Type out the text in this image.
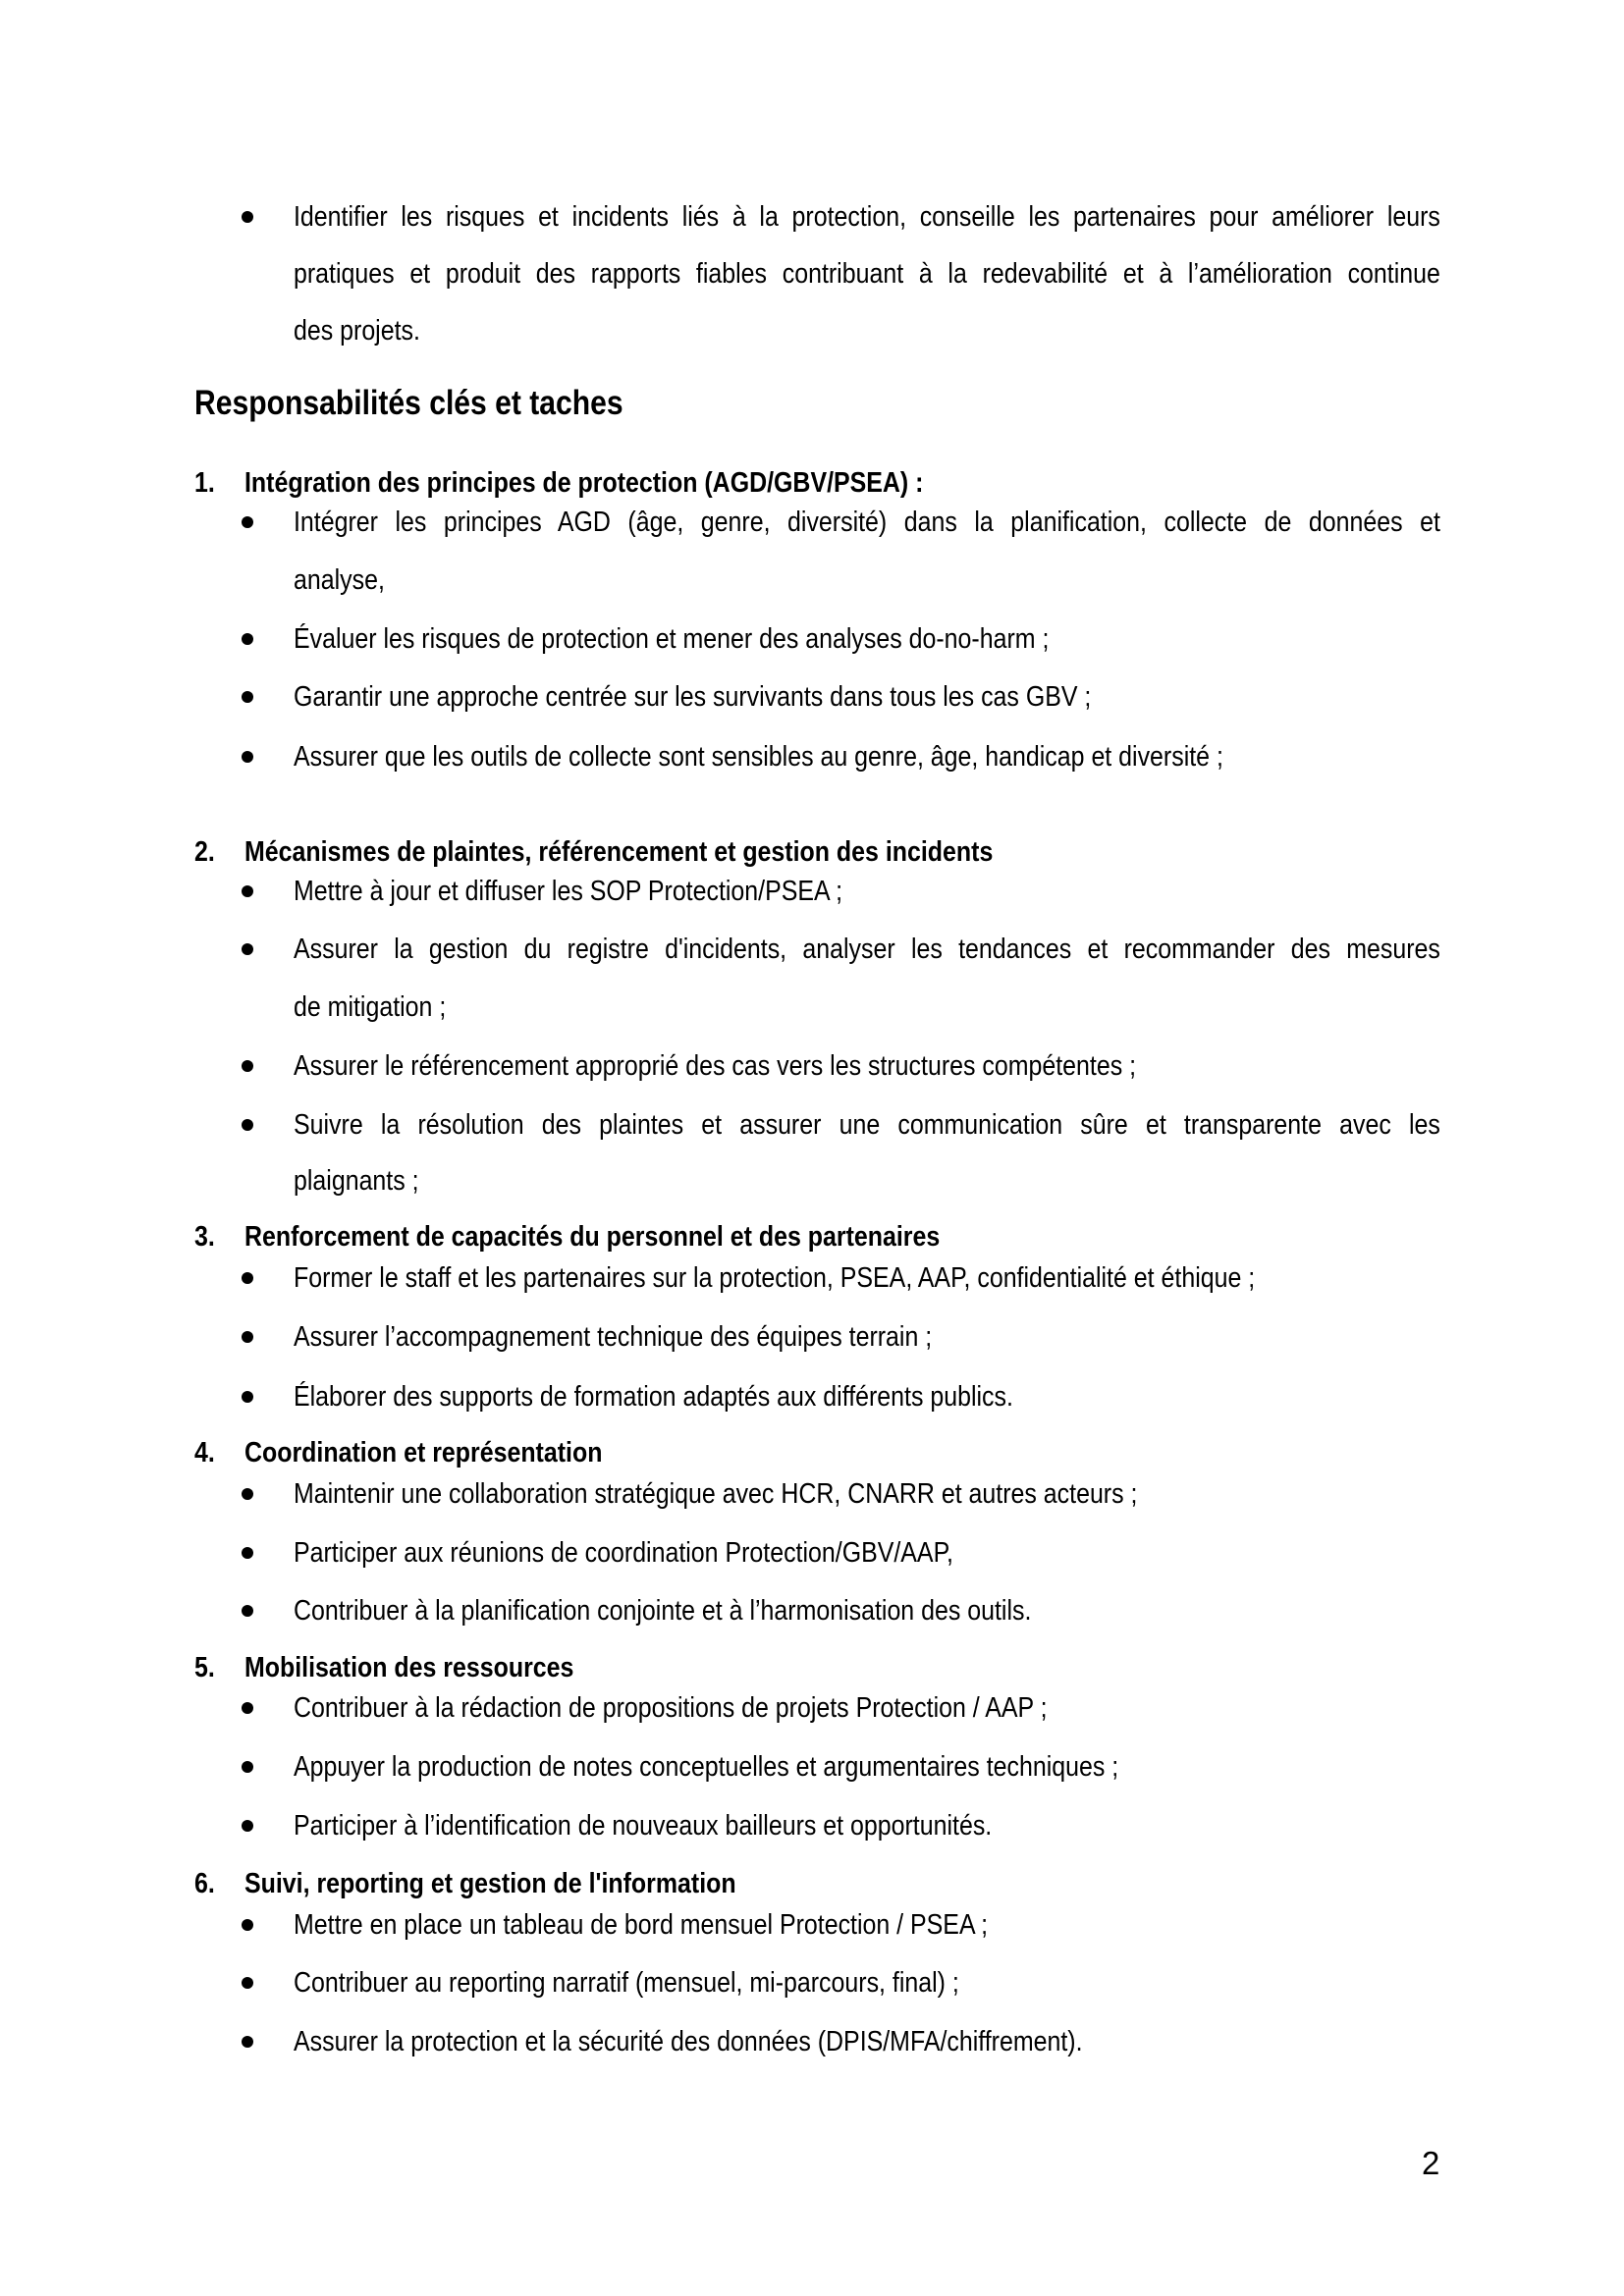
Identifier les risques et incidents liés à la protection, conseille les partenaires pour améliorer leurs
pratiques et produit des rapports fiables contribuant à la redevabilité et à l’amélioration continue
des projets.
Responsabilités clés et taches
1. Intégration des principes de protection (AGD/GBV/PSEA) :
Intégrer les principes AGD (âge, genre, diversité) dans la planification, collecte de données et
analyse,
Évaluer les risques de protection et mener des analyses do-no-harm ;
Garantir une approche centrée sur les survivants dans tous les cas GBV ;
Assurer que les outils de collecte sont sensibles au genre, âge, handicap et diversité ;
2. Mécanismes de plaintes, référencement et gestion des incidents
Mettre à jour et diffuser les SOP Protection/PSEA ;
Assurer la gestion du registre d'incidents, analyser les tendances et recommander des mesures
de mitigation ;
Assurer le référencement approprié des cas vers les structures compétentes ;
Suivre la résolution des plaintes et assurer une communication sûre et transparente avec les
plaignants ;
3. Renforcement de capacités du personnel et des partenaires
Former le staff et les partenaires sur la protection, PSEA, AAP, confidentialité et éthique ;
Assurer l’accompagnement technique des équipes terrain ;
Élaborer des supports de formation adaptés aux différents publics.
4. Coordination et représentation
Maintenir une collaboration stratégique avec HCR, CNARR et autres acteurs ;
Participer aux réunions de coordination Protection/GBV/AAP,
Contribuer à la planification conjointe et à l’harmonisation des outils.
5. Mobilisation des ressources
Contribuer à la rédaction de propositions de projets Protection / AAP ;
Appuyer la production de notes conceptuelles et argumentaires techniques ;
Participer à l’identification de nouveaux bailleurs et opportunités.
6. Suivi, reporting et gestion de l'information
Mettre en place un tableau de bord mensuel Protection / PSEA ;
Contribuer au reporting narratif (mensuel, mi-parcours, final) ;
Assurer la protection et la sécurité des données (DPIS/MFA/chiffrement).
2
